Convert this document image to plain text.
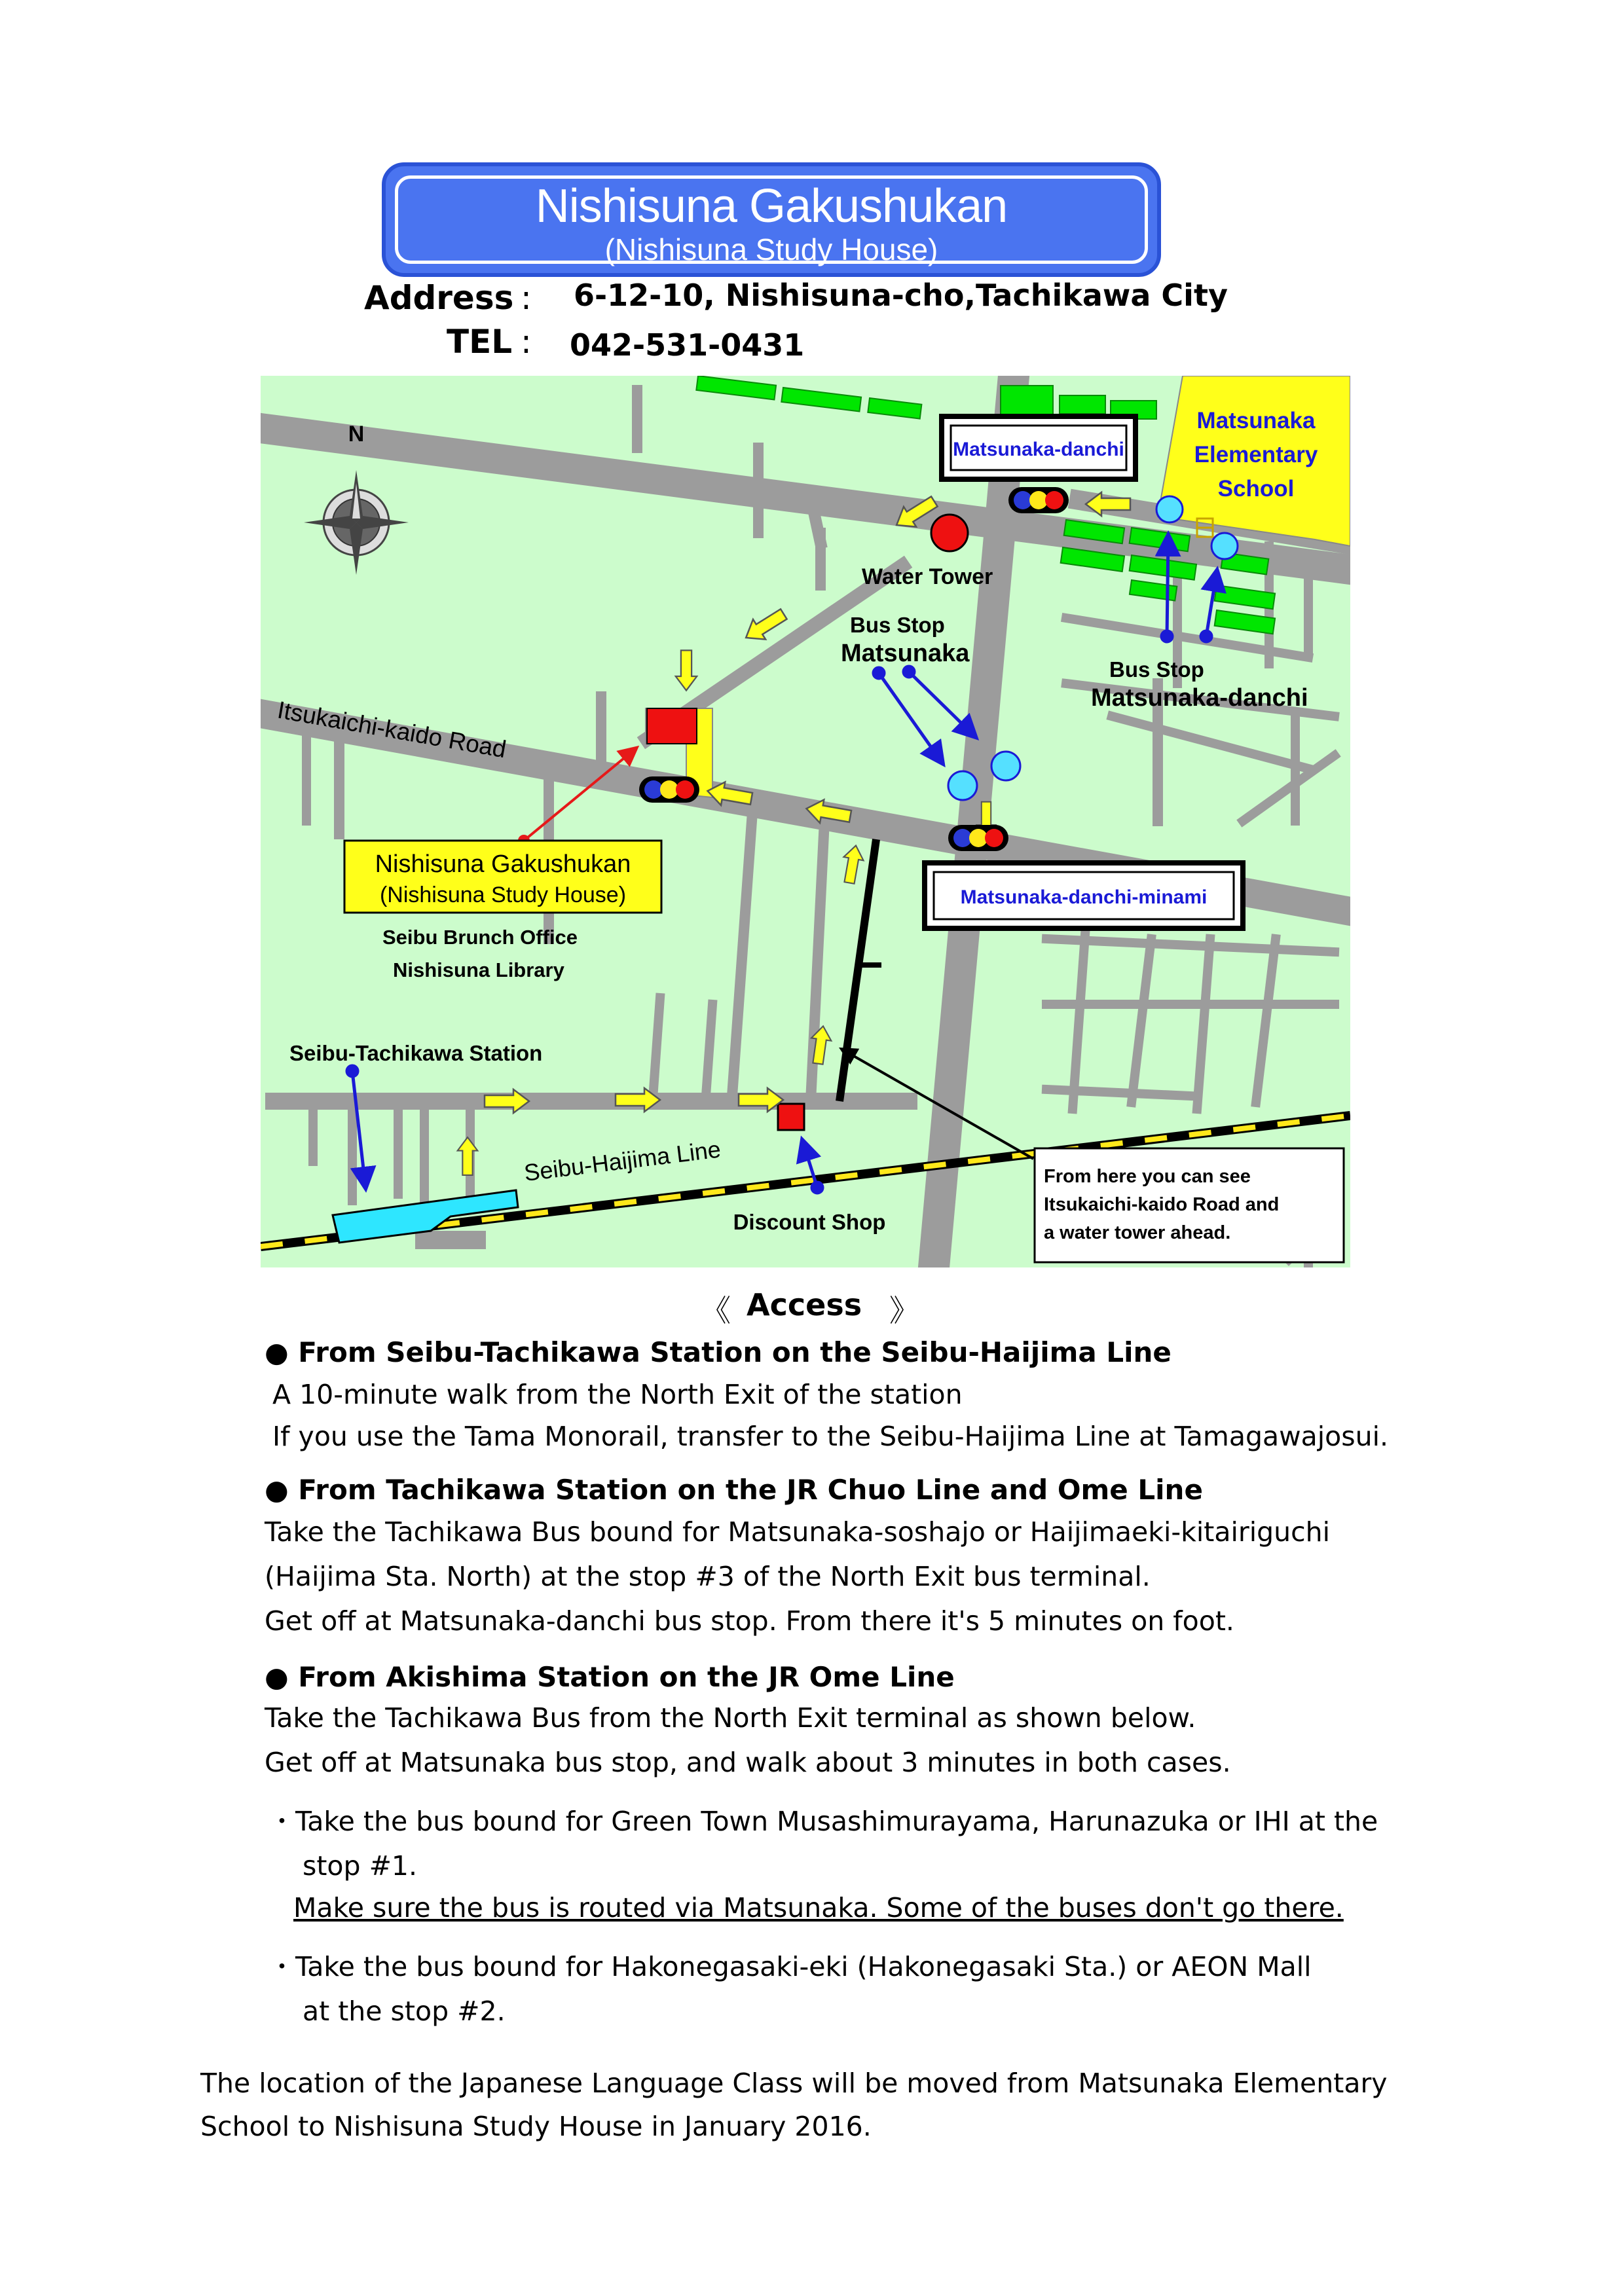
Nishisuna Gakushukan
(Nishisuna Study House)
Address : 6-12-10, Nishisuna-cho,Tachikawa City
TEL : 042-531-0431
Matsunaka
Elementary
School
Water Tower
N
Itsukaichi-kaido Road
Seibu-Haijima Line
Matsunaka-danchi
Matsunaka-danchi-minami
Bus Stop
Matsunaka
Bus Stop
Matsunaka-danchi
Nishisuna Gakushukan
(Nishisuna Study House)
Seibu Brunch Office
Nishisuna Library
Seibu-Tachikawa Station
Discount Shop
From here you can see
Itsukaichi-kaido Road and
a water tower ahead.
《 Access 》
● From Seibu-Tachikawa Station on the Seibu-Haijima Line
A 10-minute walk from the North Exit of the station
If you use the Tama Monorail, transfer to the Seibu-Haijima Line at Tamagawajosui.
● From Tachikawa Station on the JR Chuo Line and Ome Line
Take the Tachikawa Bus bound for Matsunaka-soshajo or Haijimaeki-kitairiguchi
(Haijima Sta. North) at the stop #3 of the North Exit bus terminal.
Get off at Matsunaka-danchi bus stop. From there it's 5 minutes on foot.
● From Akishima Station on the JR Ome Line
Take the Tachikawa Bus from the North Exit terminal as shown below.
Get off at Matsunaka bus stop, and walk about 3 minutes in both cases.
・Take the bus bound for Green Town Musashimurayama, Harunazuka or IHI at the
stop #1.
Make sure the bus is routed via Matsunaka. Some of the buses don't go there.
・Take the bus bound for Hakonegasaki-eki (Hakonegasaki Sta.) or AEON Mall
at the stop #2.
The location of the Japanese Language Class will be moved from Matsunaka Elementary
School to Nishisuna Study House in January 2016.
